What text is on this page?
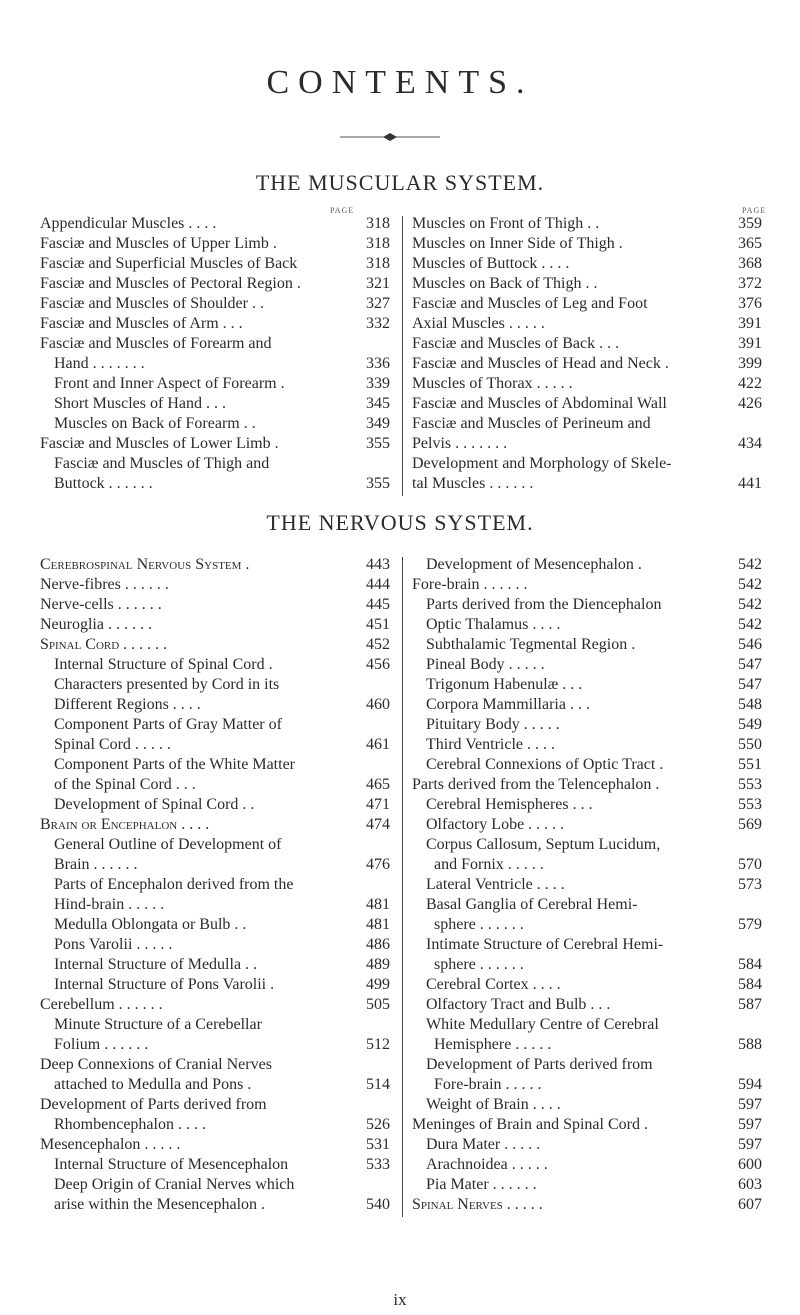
CONTENTS.
THE MUSCULAR SYSTEM.
PAGE	PAGE
Appendicular Muscles . . . .	318
Fasciæ and Muscles of Upper Limb .	318
Fasciæ and Superficial Muscles of Back	318
Fasciæ and Muscles of Pectoral Region .	321
Fasciæ and Muscles of Shoulder . .	327
Fasciæ and Muscles of Arm . . .	332
Fasciæ and Muscles of Forearm and
Hand . . . . . . .	336
Front and Inner Aspect of Forearm .	339
Short Muscles of Hand . . .	345
Muscles on Back of Forearm . .	349
Fasciæ and Muscles of Lower Limb .	355
Fasciæ and Muscles of Thigh and
Buttock . . . . . .	355
Muscles on Front of Thigh . .	359
Muscles on Inner Side of Thigh .	365
Muscles of Buttock . . . .	368
Muscles on Back of Thigh . .	372
Fasciæ and Muscles of Leg and Foot	376
Axial Muscles . . . . .	391
Fasciæ and Muscles of Back . . .	391
Fasciæ and Muscles of Head and Neck .	399
Muscles of Thorax . . . . .	422
Fasciæ and Muscles of Abdominal Wall	426
Fasciæ and Muscles of Perineum and
Pelvis . . . . . . .	434
Development and Morphology of Skele-
tal Muscles . . . . . .	441
THE NERVOUS SYSTEM.
Cerebrospinal Nervous System .	443
Nerve-fibres . . . . . .	444
Nerve-cells . . . . . .	445
Neuroglia . . . . . .	451
Spinal Cord . . . . . .	452
Internal Structure of Spinal Cord .	456
Characters presented by Cord in its
Different Regions . . . .	460
Component Parts of Gray Matter of
Spinal Cord . . . . .	461
Component Parts of the White Matter
of the Spinal Cord . . .	465
Development of Spinal Cord . .	471
Brain or Encephalon . . . .	474
General Outline of Development of
Brain . . . . . .	476
Parts of Encephalon derived from the
Hind-brain . . . . .	481
Medulla Oblongata or Bulb . .	481
Pons Varolii . . . . .	486
Internal Structure of Medulla . .	489
Internal Structure of Pons Varolii .	499
Cerebellum . . . . . .	505
Minute Structure of a Cerebellar
Folium . . . . . .	512
Deep Connexions of Cranial Nerves
attached to Medulla and Pons .	514
Development of Parts derived from
Rhombencephalon . . . .	526
Mesencephalon . . . . .	531
Internal Structure of Mesencephalon	533
Deep Origin of Cranial Nerves which
arise within the Mesencephalon .	540
Development of Mesencephalon .	542
Fore-brain . . . . . .	542
Parts derived from the Diencephalon	542
Optic Thalamus . . . .	542
Subthalamic Tegmental Region .	546
Pineal Body . . . . .	547
Trigonum Habenulæ . . .	547
Corpora Mammillaria . . .	548
Pituitary Body . . . . .	549
Third Ventricle . . . .	550
Cerebral Connexions of Optic Tract .	551
Parts derived from the Telencephalon .	553
Cerebral Hemispheres . . .	553
Olfactory Lobe . . . . .	569
Corpus Callosum, Septum Lucidum,
and Fornix . . . . .	570
Lateral Ventricle . . . .	573
Basal Ganglia of Cerebral Hemi-
sphere . . . . . .	579
Intimate Structure of Cerebral Hemi-
sphere . . . . . .	584
Cerebral Cortex . . . .	584
Olfactory Tract and Bulb . . .	587
White Medullary Centre of Cerebral
Hemisphere . . . . .	588
Development of Parts derived from
Fore-brain . . . . .	594
Weight of Brain . . . .	597
Meninges of Brain and Spinal Cord .	597
Dura Mater . . . . .	597
Arachnoidea . . . . .	600
Pia Mater . . . . . .	603
Spinal Nerves . . . . .	607
ix
